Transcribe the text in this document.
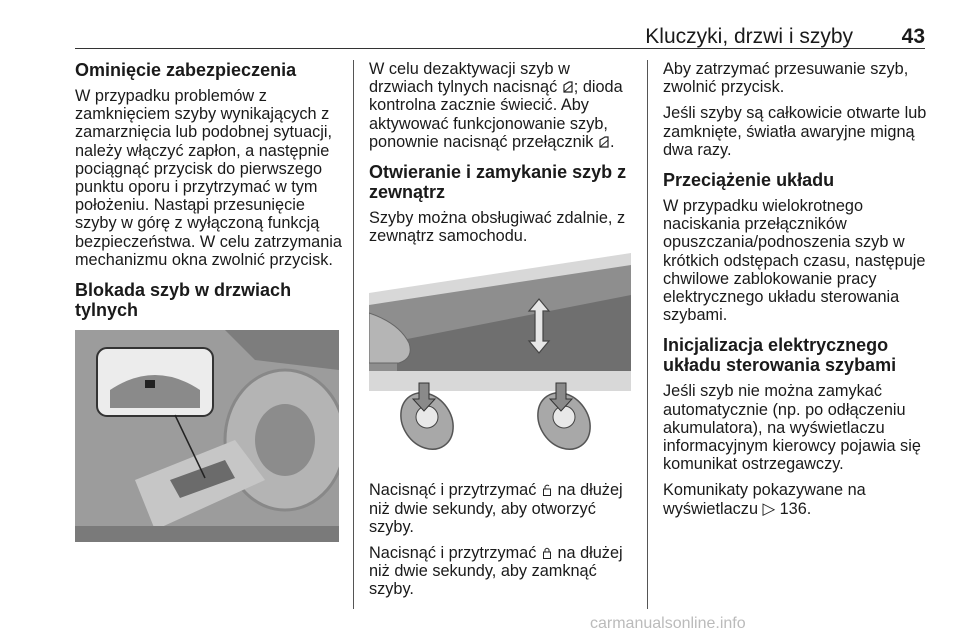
Kluczyki, drzwi i szyby 43
Ominięcie zabezpieczenia

W przypadku problemów z zamknięciem szyby wynikających z zamarznięcia lub podobnej sytuacji, należy włączyć zapłon, a następnie pociągnąć przycisk do pierwszego punktu oporu i przytrzymać w tym położeniu. Nastąpi przesunięcie szyby w górę z wyłączoną funkcją bezpieczeństwa. W celu zatrzymania mechanizmu okna zwolnić przycisk.

Blokada szyb w drzwiach tylnych

W celu dezaktywacji szyb w drzwiach tylnych nacisnąć ; dioda kontrolna zacznie świecić. Aby aktywować funkcjonowanie szyb, ponownie nacisnąć przełącznik .

Otwieranie i zamykanie szyb z zewnątrz

Szyby można obsługiwać zdalnie, z zewnątrz samochodu.

Nacisnąć i przytrzymać na dłużej niż dwie sekundy, aby otworzyć szyby.

Nacisnąć i przytrzymać na dłużej niż dwie sekundy, aby zamknąć szyby.

Aby zatrzymać przesuwanie szyb, zwolnić przycisk.

Jeśli szyby są całkowicie otwarte lub zamknięte, światła awaryjne migną dwa razy.

Przeciążenie układu

W przypadku wielokrotnego naciskania przełączników opuszczania/podnoszenia szyb w krótkich odstępach czasu, następuje chwilowe zablokowanie pracy elektrycznego układu sterowania szybami.

Inicjalizacja elektrycznego układu sterowania szybami

Jeśli szyb nie można zamykać automatycznie (np. po odłączeniu akumulatora), na wyświetlaczu informacyjnym kierowcy pojawia się komunikat ostrzegawczy.

Komunikaty pokazywane na wyświetlaczu ▷ 136.

carmanualsonline.info
